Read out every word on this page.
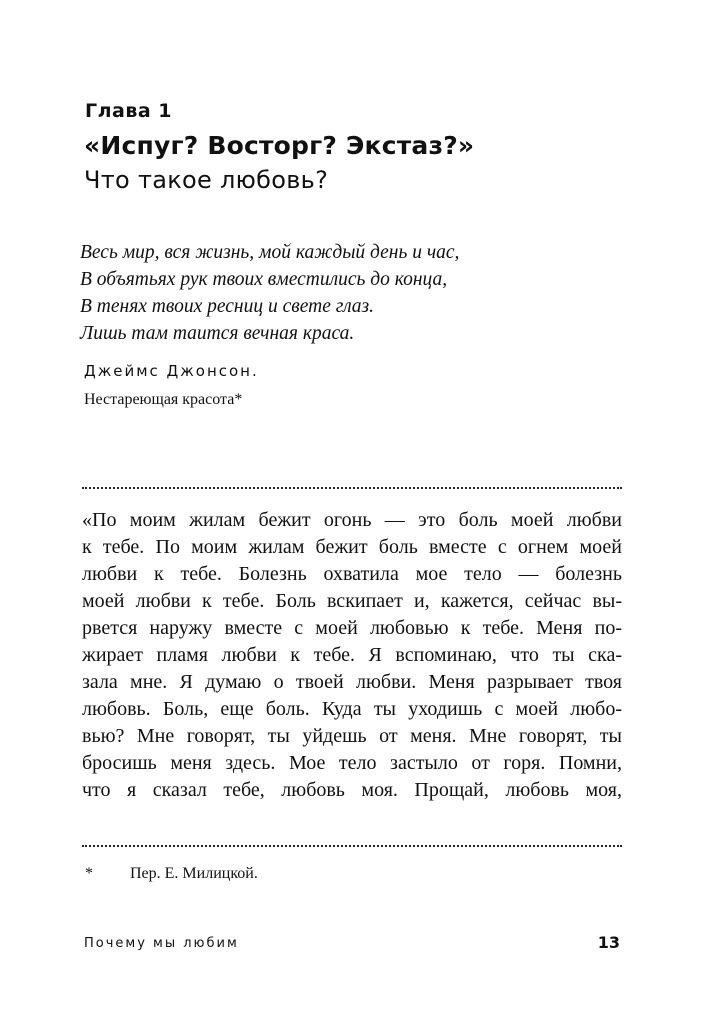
Глава 1
«Испуг? Восторг? Экстаз?»
Что такое любовь?
Весь мир, вся жизнь, мой каждый день и час,
В объятьях рук твоих вместились до конца,
В тенях твоих ресниц и свете глаз.
Лишь там таится вечная краса.
Джеймс Джонсон.
Нестареющая красота*
«По моим жилам бежит огонь — это боль моей любви
к тебе. По моим жилам бежит боль вместе с огнем моей
любви к тебе. Болезнь охватила мое тело — болезнь
моей любви к тебе. Боль вскипает и, кажется, сейчас вы-
рвется наружу вместе с моей любовью к тебе. Меня по-
жирает пламя любви к тебе. Я вспоминаю, что ты ска-
зала мне. Я думаю о твоей любви. Меня разрывает твоя
любовь. Боль, еще боль. Куда ты уходишь с моей любо-
вью? Мне говорят, ты уйдешь от меня. Мне говорят, ты
бросишь меня здесь. Мое тело застыло от горя. Помни,
что я сказал тебе, любовь моя. Прощай, любовь моя,
* Пер. Е. Милицкой.
Почему мы любим	13
